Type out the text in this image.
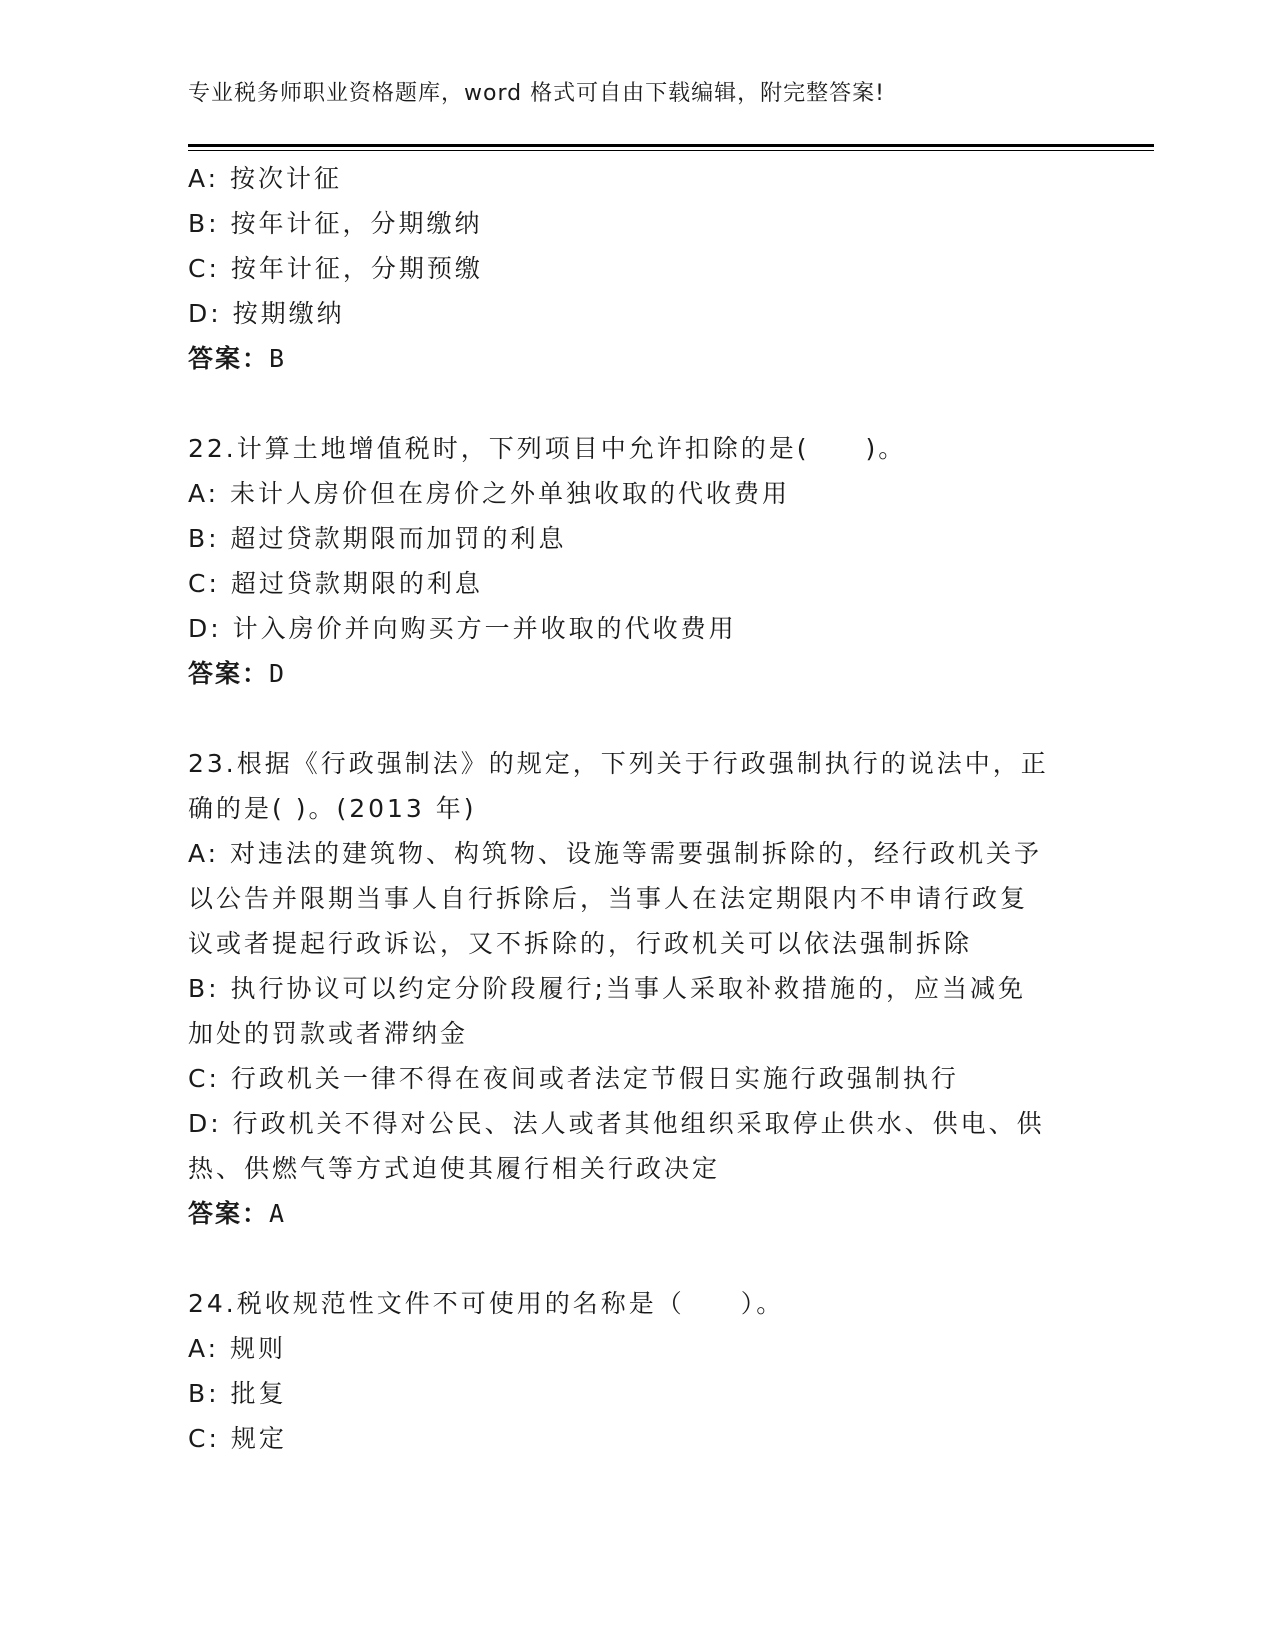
专业税务师职业资格题库，word 格式可自由下载编辑，附完整答案!
A: 按次计征
B: 按年计征，分期缴纳
C: 按年计征，分期预缴
D: 按期缴纳
答案：B
22.计算土地增值税时，下列项目中允许扣除的是(　　)。
A: 未计人房价但在房价之外单独收取的代收费用
B: 超过贷款期限而加罚的利息
C: 超过贷款期限的利息
D: 计入房价并向购买方一并收取的代收费用
答案：D
23.根据《行政强制法》的规定，下列关于行政强制执行的说法中，正
确的是( )。(2013 年)
A: 对违法的建筑物、构筑物、设施等需要强制拆除的，经行政机关予
以公告并限期当事人自行拆除后，当事人在法定期限内不申请行政复
议或者提起行政诉讼，又不拆除的，行政机关可以依法强制拆除
B: 执行协议可以约定分阶段履行;当事人采取补救措施的，应当减免
加处的罚款或者滞纳金
C: 行政机关一律不得在夜间或者法定节假日实施行政强制执行
D: 行政机关不得对公民、法人或者其他组织采取停止供水、供电、供
热、供燃气等方式迫使其履行相关行政决定
答案：A
24.税收规范性文件不可使用的名称是（　　）。
A: 规则
B: 批复
C: 规定
